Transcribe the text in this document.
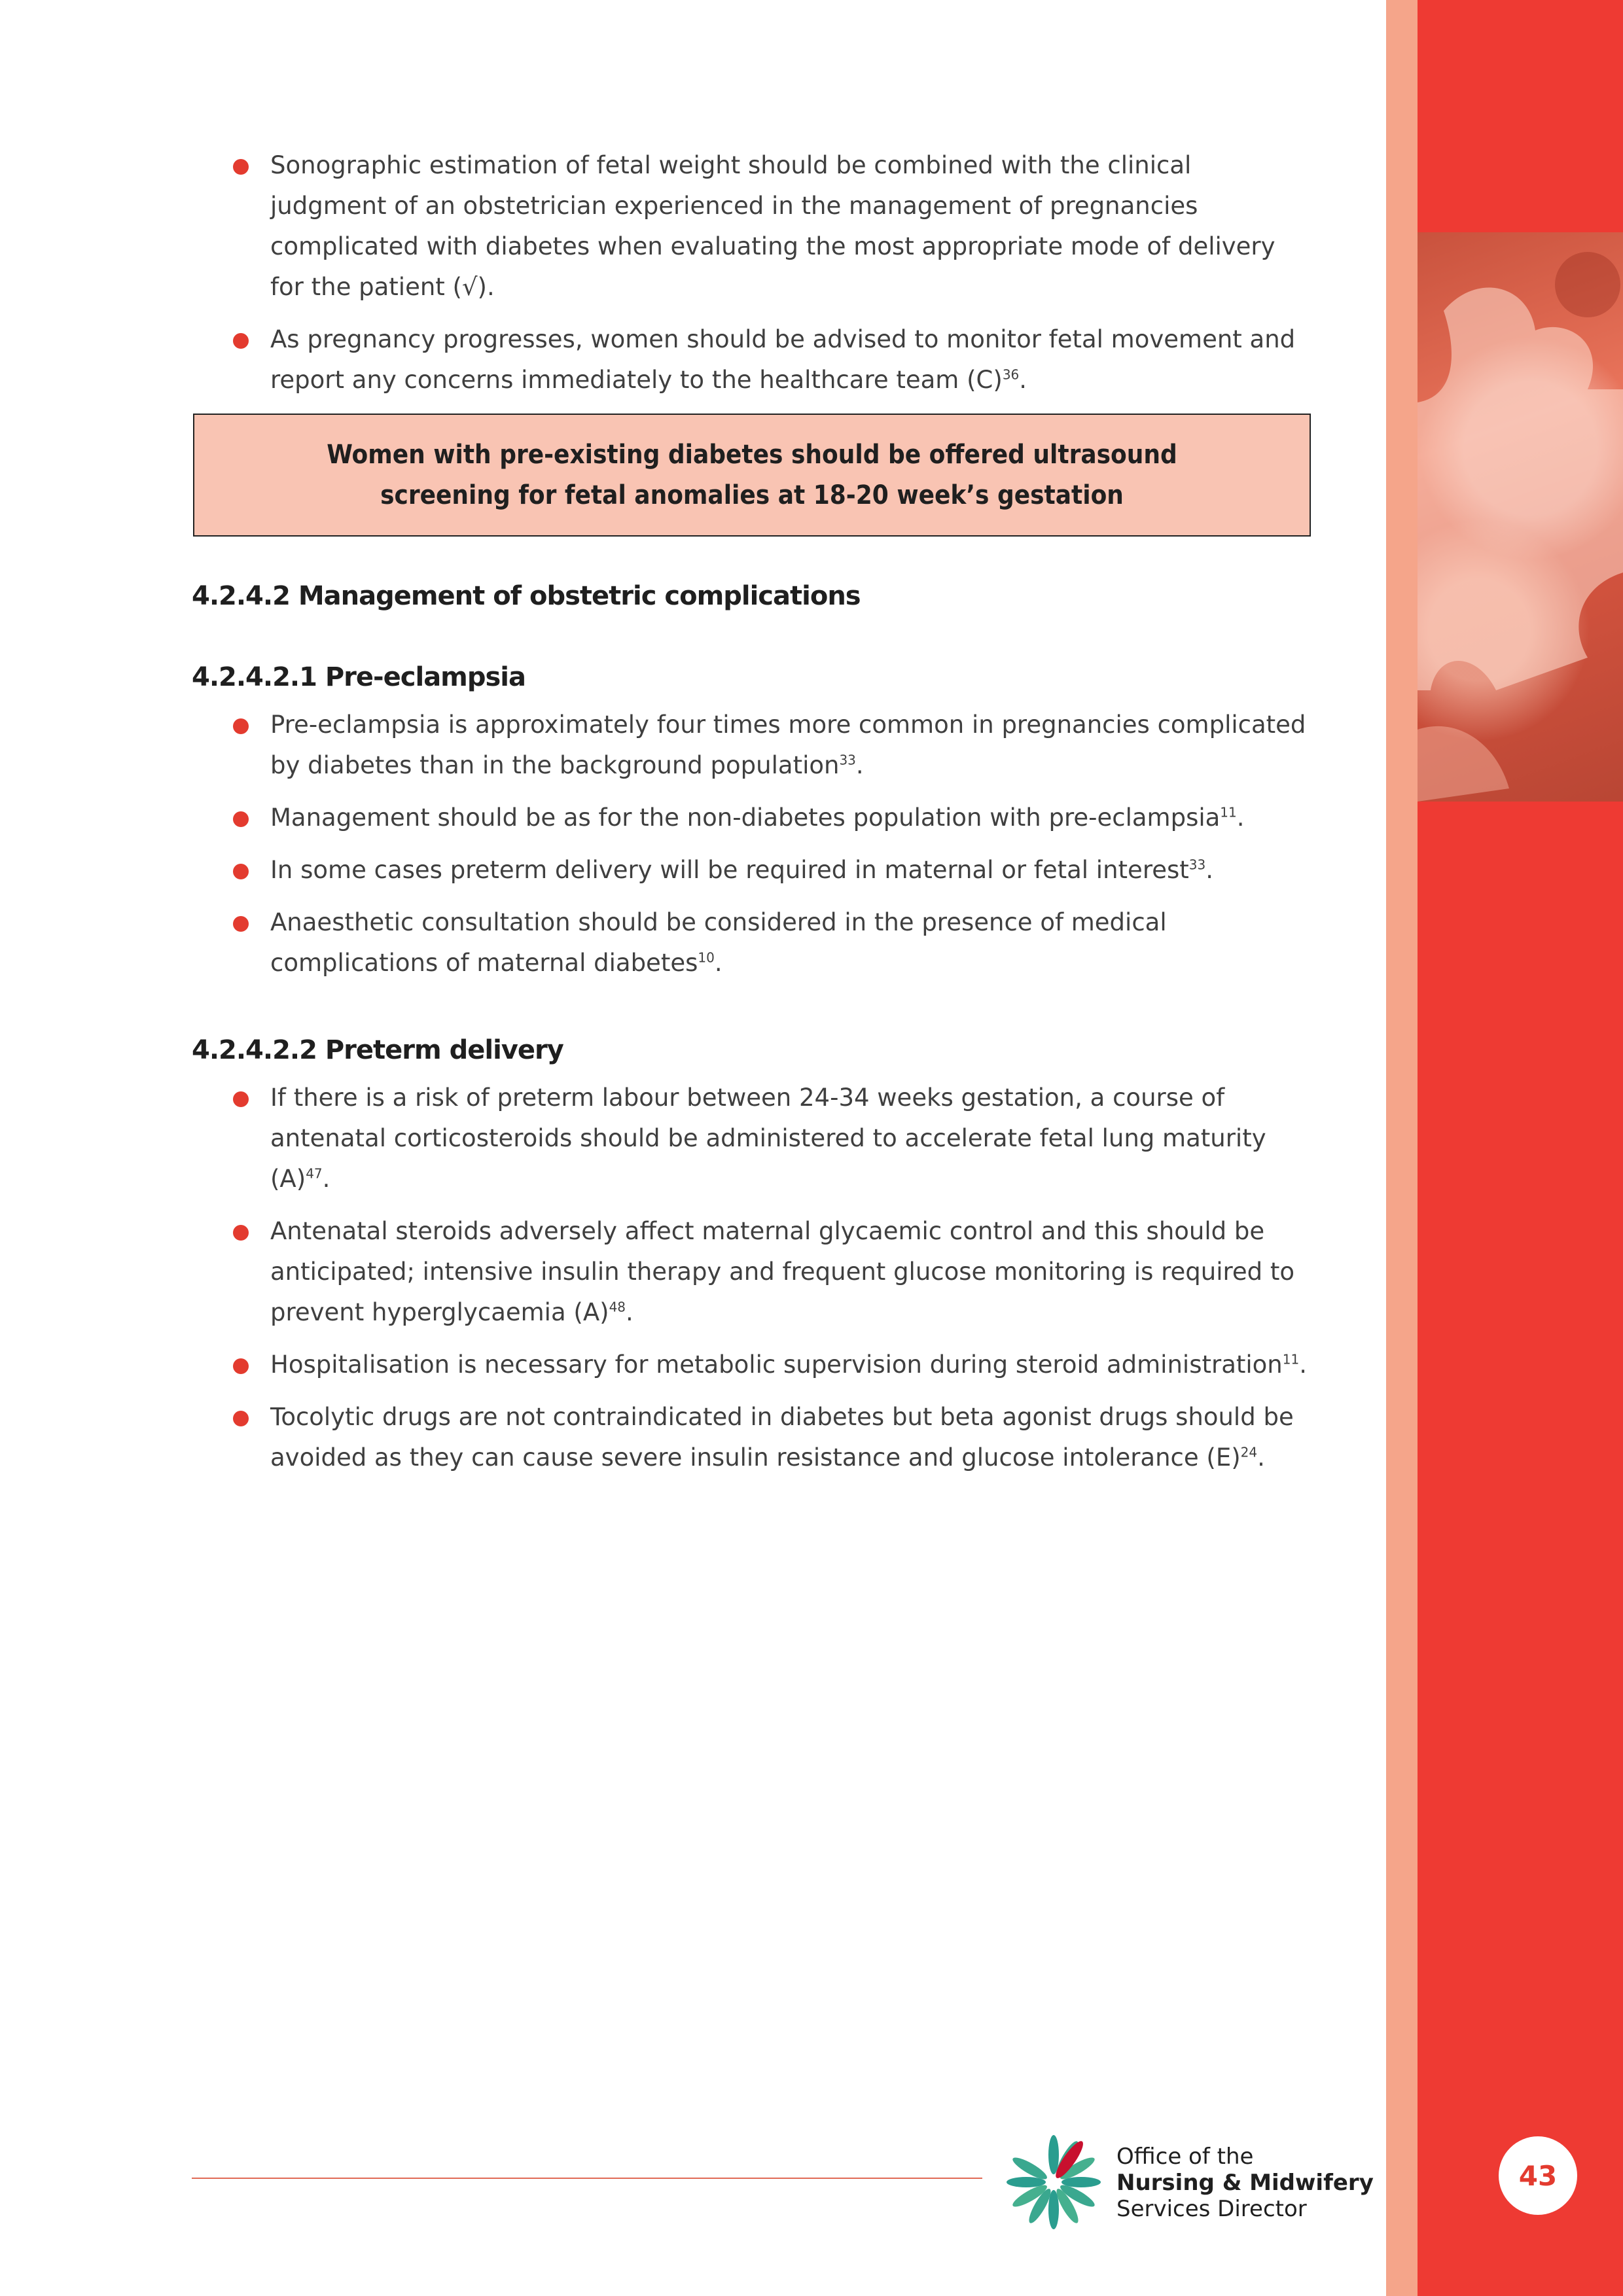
Sonographic estimation of fetal weight should be combined with the clinical judgment of an obstetrician experienced in the management of pregnancies complicated with diabetes when evaluating the most appropriate mode of delivery for the patient (√).
As pregnancy progresses, women should be advised to monitor fetal movement and report any concerns immediately to the healthcare team $(C)^{36}$.
Women with pre-existing diabetes should be offered ultrasound
screening for fetal anomalies at 18-20 week’s gestation
4.2.4.2 Management of obstetric complications
4.2.4.2.1 Pre-eclampsia
Pre-eclampsia is approximately four times more common in pregnancies complicated by diabetes than in the background population$^{33}$.
Management should be as for the non-diabetes population with pre-eclampsia$^{11}$.
In some cases preterm delivery will be required in maternal or fetal interest$^{33}$.
Anaesthetic consultation should be considered in the presence of medical complications of maternal diabetes$^{10}$.
4.2.4.2.2 Preterm delivery
If there is a risk of preterm labour between 24-34 weeks gestation, a course of antenatal corticosteroids should be administered to accelerate fetal lung maturity $(A)^{47}$.
Antenatal steroids adversely affect maternal glycaemic control and this should be anticipated; intensive insulin therapy and frequent glucose monitoring is required to prevent hyperglycaemia $(A)^{48}$.
Hospitalisation is necessary for metabolic supervision during steroid administration$^{11}$.
Tocolytic drugs are not contraindicated in diabetes but beta agonist drugs should be avoided as they can cause severe insulin resistance and glucose intolerance $(E)^{24}$.
Office of the
Nursing & Midwifery
Services Director
43
